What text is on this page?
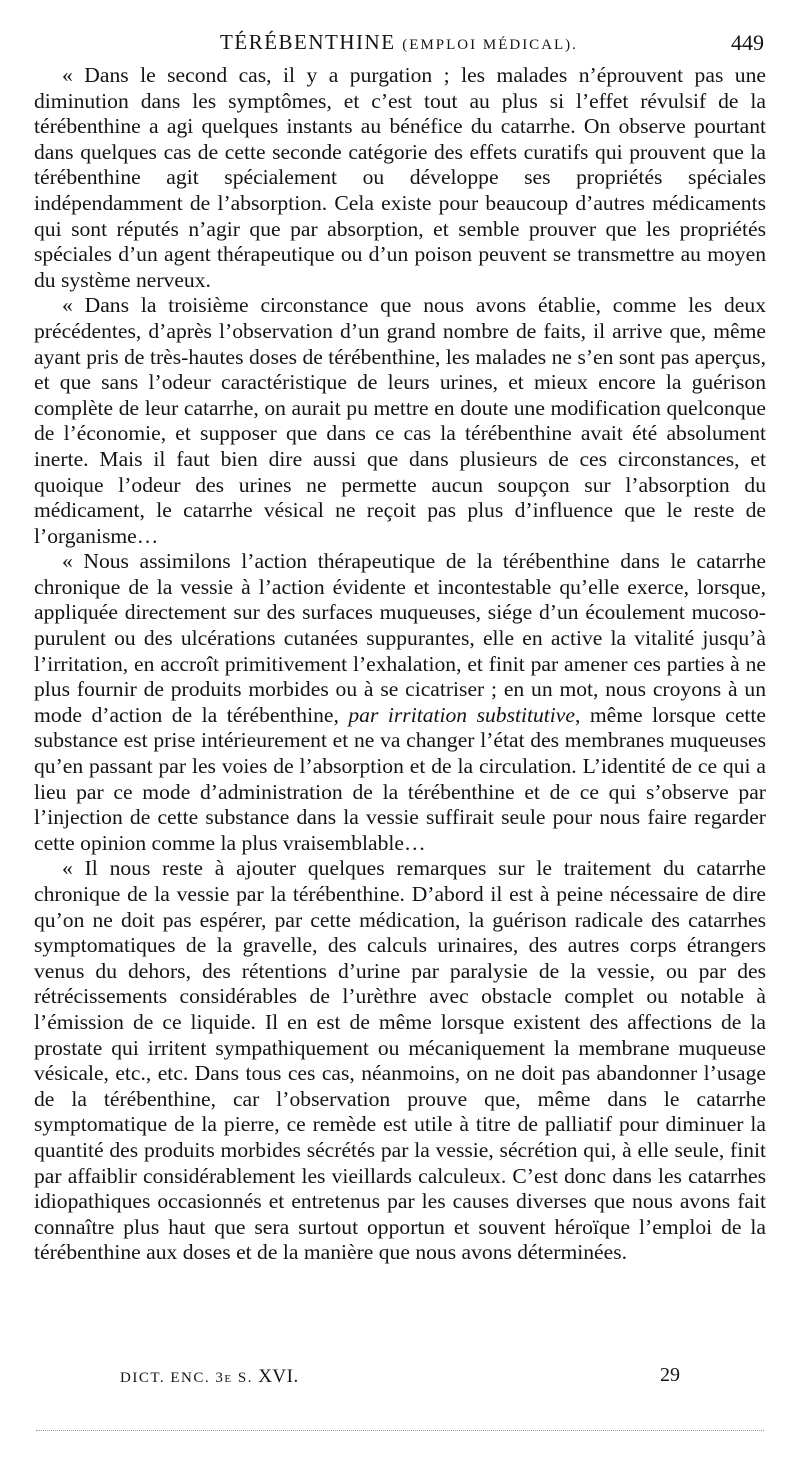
TÉRÉBENTHINE (EMPLOI MÉDICAL).	449

« Dans le second cas, il y a purgation ; les malades n’éprouvent pas une diminution dans les symptômes, et c’est tout au plus si l’effet révulsif de la térébenthine a agi quelques instants au bénéfice du catarrhe. On observe pourtant dans quelques cas de cette seconde catégorie des effets curatifs qui prouvent que la térébenthine agit spécialement ou développe ses propriétés spéciales indépendamment de l’absorption. Cela existe pour beaucoup d’autres médicaments qui sont réputés n’agir que par absorption, et semble prouver que les propriétés spéciales d’un agent thérapeutique ou d’un poison peuvent se transmettre au moyen du système nerveux.

« Dans la troisième circonstance que nous avons établie, comme les deux précédentes, d’après l’observation d’un grand nombre de faits, il arrive que, même ayant pris de très-hautes doses de térébenthine, les malades ne s’en sont pas aperçus, et que sans l’odeur caractéristique de leurs urines, et mieux encore la guérison complète de leur catarrhe, on aurait pu mettre en doute une modification quelconque de l’économie, et supposer que dans ce cas la térébenthine avait été absolument inerte. Mais il faut bien dire aussi que dans plusieurs de ces circonstances, et quoique l’odeur des urines ne permette aucun soupçon sur l’absorption du médicament, le catarrhe vésical ne reçoit pas plus d’influence que le reste de l’organisme…

« Nous assimilons l’action thérapeutique de la térébenthine dans le catarrhe chronique de la vessie à l’action évidente et incontestable qu’elle exerce, lorsque, appliquée directement sur des surfaces muqueuses, siége d’un écoulement mucoso-purulent ou des ulcérations cutanées suppurantes, elle en active la vitalité jusqu’à l’irritation, en accroît primitivement l’exhalation, et finit par amener ces parties à ne plus fournir de produits morbides ou à se cicatriser ; en un mot, nous croyons à un mode d’action de la térébenthine, par irritation substitutive, même lorsque cette substance est prise intérieurement et ne va changer l’état des membranes muqueuses qu’en passant par les voies de l’absorption et de la circulation. L’identité de ce qui a lieu par ce mode d’administration de la térébenthine et de ce qui s’observe par l’injection de cette substance dans la vessie suffirait seule pour nous faire regarder cette opinion comme la plus vraisemblable…

« Il nous reste à ajouter quelques remarques sur le traitement du catarrhe chronique de la vessie par la térébenthine. D’abord il est à peine nécessaire de dire qu’on ne doit pas espérer, par cette médication, la guérison radicale des catarrhes symptomatiques de la gravelle, des calculs urinaires, des autres corps étrangers venus du dehors, des rétentions d’urine par paralysie de la vessie, ou par des rétrécissements considérables de l’urèthre avec obstacle complet ou notable à l’émission de ce liquide. Il en est de même lorsque existent des affections de la prostate qui irritent sympathiquement ou mécaniquement la membrane muqueuse vésicale, etc., etc. Dans tous ces cas, néanmoins, on ne doit pas abandonner l’usage de la térébenthine, car l’observation prouve que, même dans le catarrhe symptomatique de la pierre, ce remède est utile à titre de palliatif pour diminuer la quantité des produits morbides sécrétés par la vessie, sécrétion qui, à elle seule, finit par affaiblir considérablement les vieillards calculeux. C’est donc dans les catarrhes idiopathiques occasionnés et entretenus par les causes diverses que nous avons fait connaître plus haut que sera surtout opportun et souvent héroïque l’emploi de la térébenthine aux doses et de la manière que nous avons déterminées.

DICT. ENC. 3e S. XVI.	29
